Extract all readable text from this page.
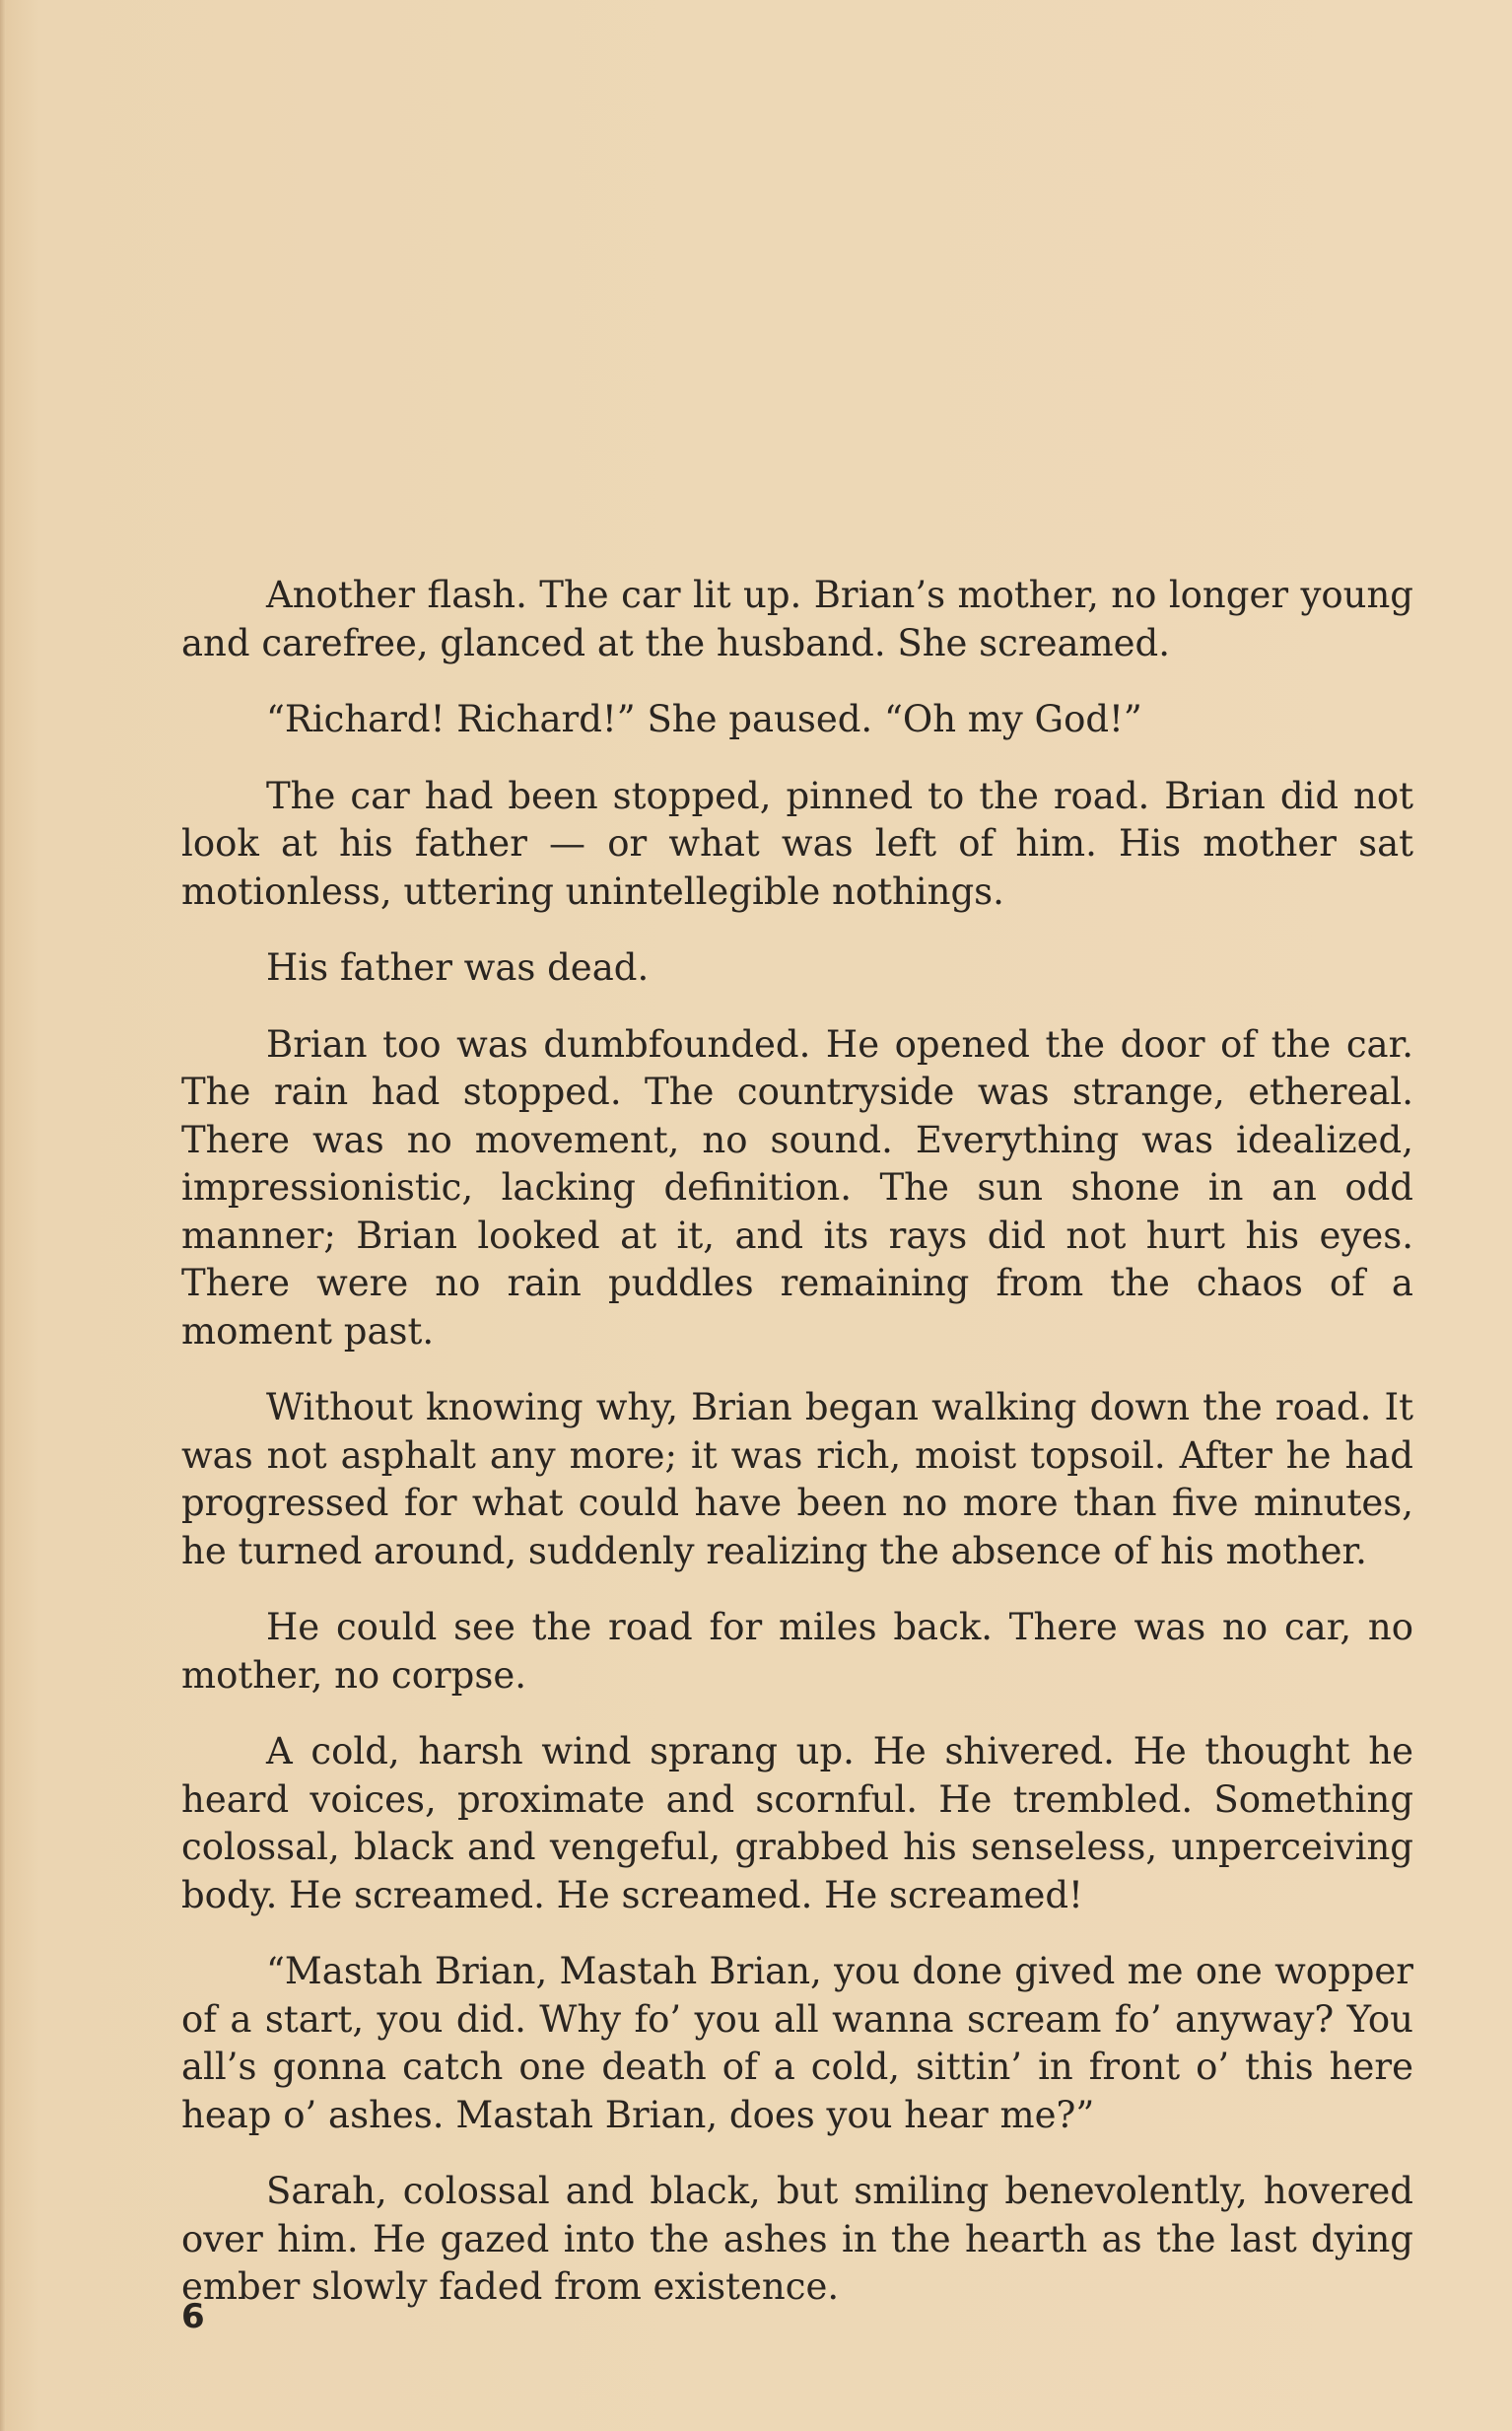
Another flash. The car lit up. Brian’s mother, no longer young and carefree, glanced at the husband. She screamed.

“Richard! Richard!” She paused. “Oh my God!”

The car had been stopped, pinned to the road. Brian did not look at his father — or what was left of him. His mother sat motionless, uttering unintellegible nothings.

His father was dead.

Brian too was dumbfounded. He opened the door of the car. The rain had stopped. The countryside was strange, ethereal. There was no movement, no sound. Everything was idealized, impressionistic, lacking definition. The sun shone in an odd manner; Brian looked at it, and its rays did not hurt his eyes. There were no rain puddles remaining from the chaos of a moment past.

Without knowing why, Brian began walking down the road. It was not asphalt any more; it was rich, moist topsoil. After he had progressed for what could have been no more than five minutes, he turned around, suddenly realizing the absence of his mother.

He could see the road for miles back. There was no car, no mother, no corpse.

A cold, harsh wind sprang up. He shivered. He thought he heard voices, proximate and scornful. He trembled. Something colossal, black and vengeful, grabbed his senseless, unperceiving body. He screamed. He screamed. He screamed!

“Mastah Brian, Mastah Brian, you done gived me one wopper of a start, you did. Why fo’ you all wanna scream fo’ anyway? You all’s gonna catch one death of a cold, sittin’ in front o’ this here heap o’ ashes. Mastah Brian, does you hear me?”

Sarah, colossal and black, but smiling benevolently, hovered over him. He gazed into the ashes in the hearth as the last dying ember slowly faded from existence.

6
